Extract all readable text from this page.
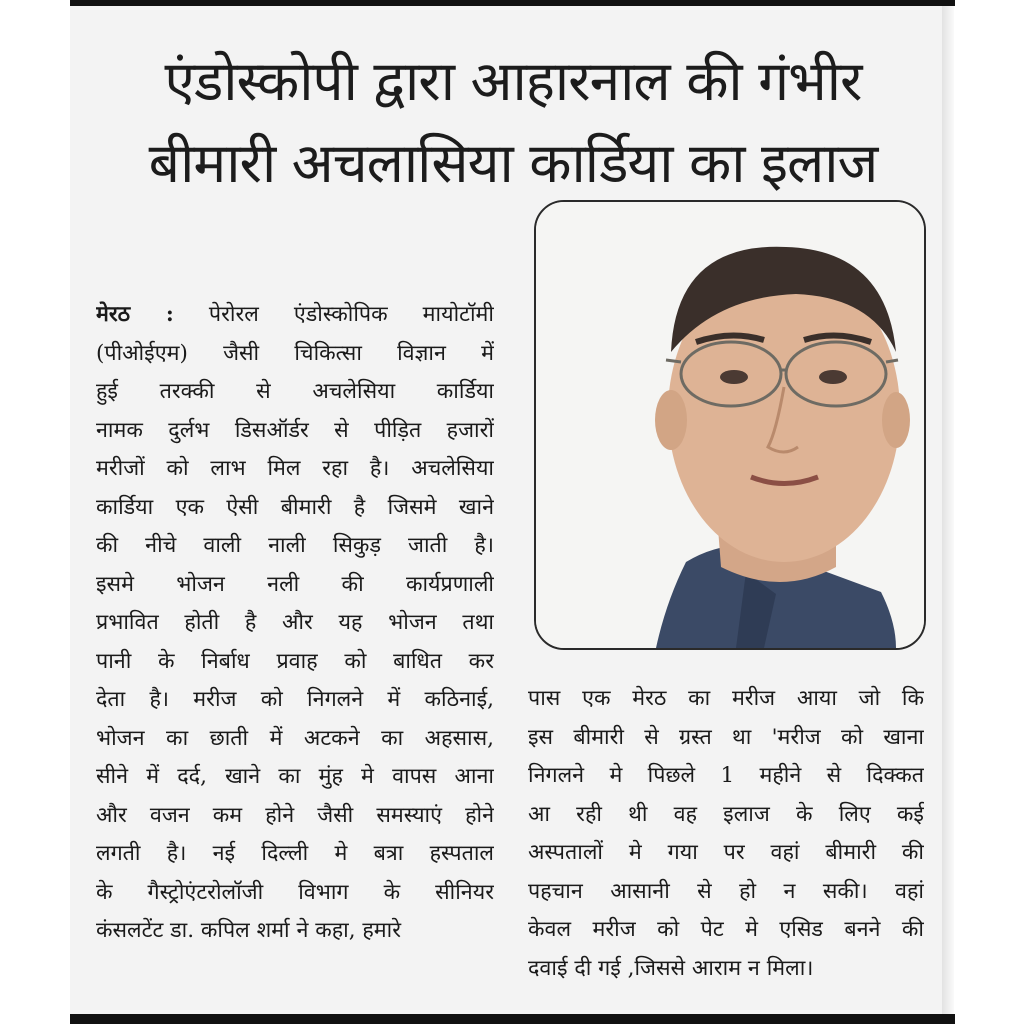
एंडोस्कोपी द्वारा आहारनाल की गंभीर
बीमारी अचलासिया कार्डिया का इलाज
मेरठ : पेरोरल एंडोस्कोपिक मायोटॉमी
(पीओईएम) जैसी चिकित्सा विज्ञान में
हुई तरक्की से अचलेसिया कार्डिया
नामक दुर्लभ डिसऑर्डर से पीड़ित हजारों
मरीजों को लाभ मिल रहा है। अचलेसिया
कार्डिया एक ऐसी बीमारी है जिसमे खाने
की नीचे वाली नाली सिकुड़ जाती है।
इसमे भोजन नली की कार्यप्रणाली
प्रभावित होती है और यह भोजन तथा
पानी के निर्बाध प्रवाह को बाधित कर
देता है। मरीज को निगलने में कठिनाई,
भोजन का छाती में अटकने का अहसास,
सीने में दर्द, खाने का मुंह मे वापस आना
और वजन कम होने जैसी समस्याएं होने
लगती है। नई दिल्ली मे बत्रा हस्पताल
के गैस्ट्रोएंटरोलॉजी विभाग के सीनियर
कंसलटेंट डा. कपिल शर्मा ने कहा, हमारे
पास एक मेरठ का मरीज आया जो कि
इस बीमारी से ग्रस्त था 'मरीज को खाना
निगलने मे पिछले 1 महीने से दिक्कत
आ रही थी वह इलाज के लिए कई
अस्पतालों मे गया पर वहां बीमारी की
पहचान आसानी से हो न सकी। वहां
केवल मरीज को पेट मे एसिड बनने की
दवाई दी गई ,जिससे आराम न मिला।
